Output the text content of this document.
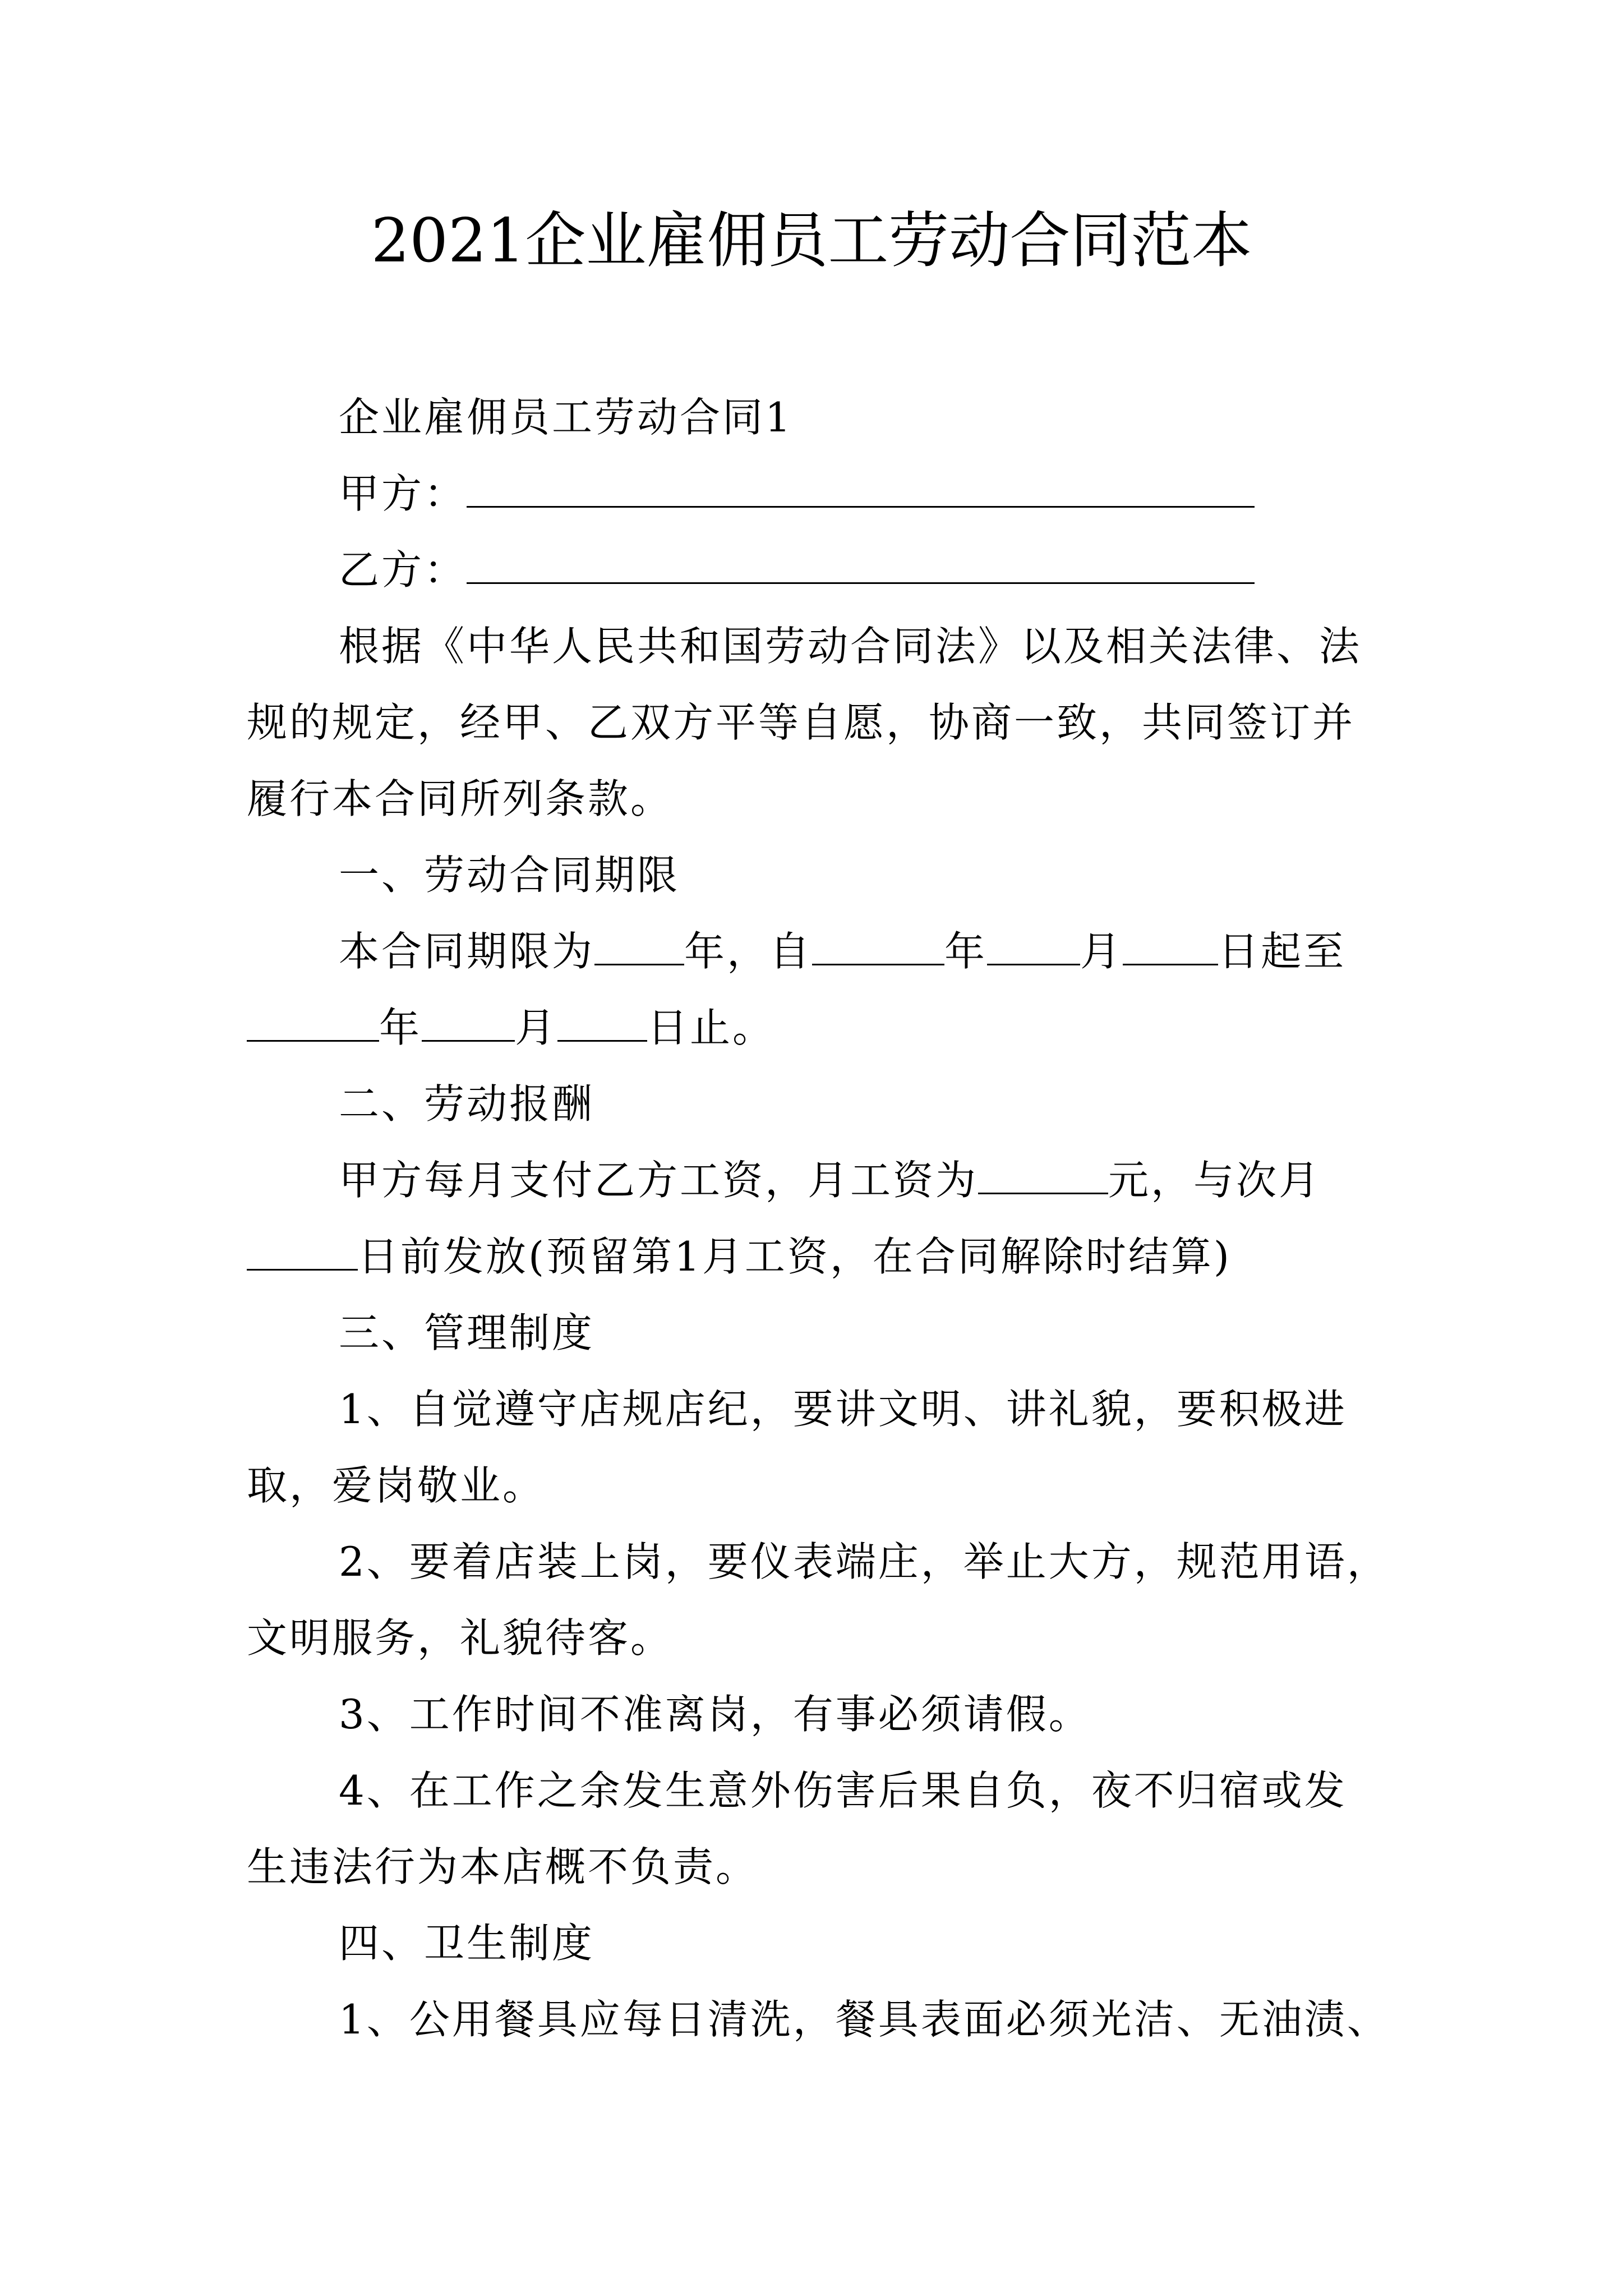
2021企业雇佣员工劳动合同范本
企业雇佣员工劳动合同1
甲方：
乙方：
根据《中华人民共和国劳动合同法》以及相关法律、法
规的规定，经甲、乙双方平等自愿，协商一致，共同签订并
履行本合同所列条款。
一、劳动合同期限
本合同期限为 年，自	年 月 日起至
年 月 日止。
二、劳动报酬
甲方每月支付乙方工资，月工资为	元，与次月
日前发放(预留第1月工资，在合同解除时结算)
三、管理制度
1、自觉遵守店规店纪，要讲文明、讲礼貌，要积极进
取，爱岗敬业。
2、要着店装上岗，要仪表端庄，举止大方，规范用语，
文明服务，礼貌待客。
3、工作时间不准离岗，有事必须请假。
4、在工作之余发生意外伤害后果自负，夜不归宿或发
生违法行为本店概不负责。
四、卫生制度
1、公用餐具应每日清洗，餐具表面必须光洁、无油渍、
